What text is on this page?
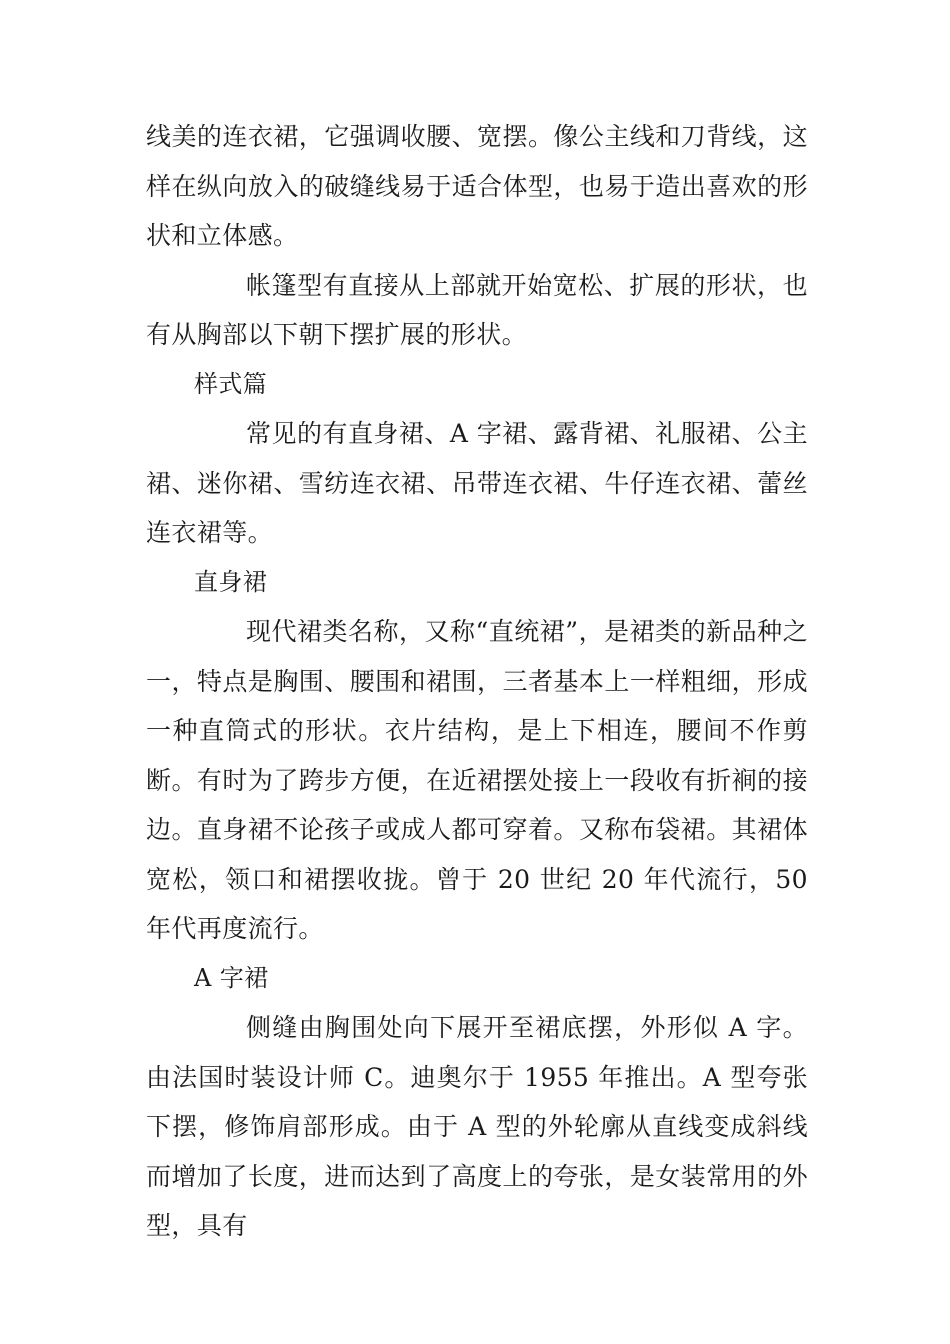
线美的连衣裙，它强调收腰、宽摆。像公主线和刀背线，这样在纵向放入的破缝线易于适合体型，也易于造出喜欢的形状和立体感。

帐篷型有直接从上部就开始宽松、扩展的形状，也有从胸部以下朝下摆扩展的形状。

样式篇

常见的有直身裙、A 字裙、露背裙、礼服裙、公主裙、迷你裙、雪纺连衣裙、吊带连衣裙、牛仔连衣裙、蕾丝连衣裙等。

直身裙

现代裙类名称，又称“直统裙”，是裙类的新品种之一，特点是胸围、腰围和裙围，三者基本上一样粗细，形成一种直筒式的形状。衣片结构，是上下相连，腰间不作剪断。有时为了跨步方便，在近裙摆处接上一段收有折裥的接边。直身裙不论孩子或成人都可穿着。又称布袋裙。其裙体宽松，领口和裙摆收拢。曾于 20 世纪 20 年代流行，50 年代再度流行。

A 字裙

侧缝由胸围处向下展开至裙底摆，外形似 A 字。由法国时装设计师 C。迪奥尔于 1955 年推出。A 型夸张下摆，修饰肩部形成。由于 A 型的外轮廓从直线变成斜线而增加了长度，进而达到了高度上的夸张，是女装常用的外型，具有
